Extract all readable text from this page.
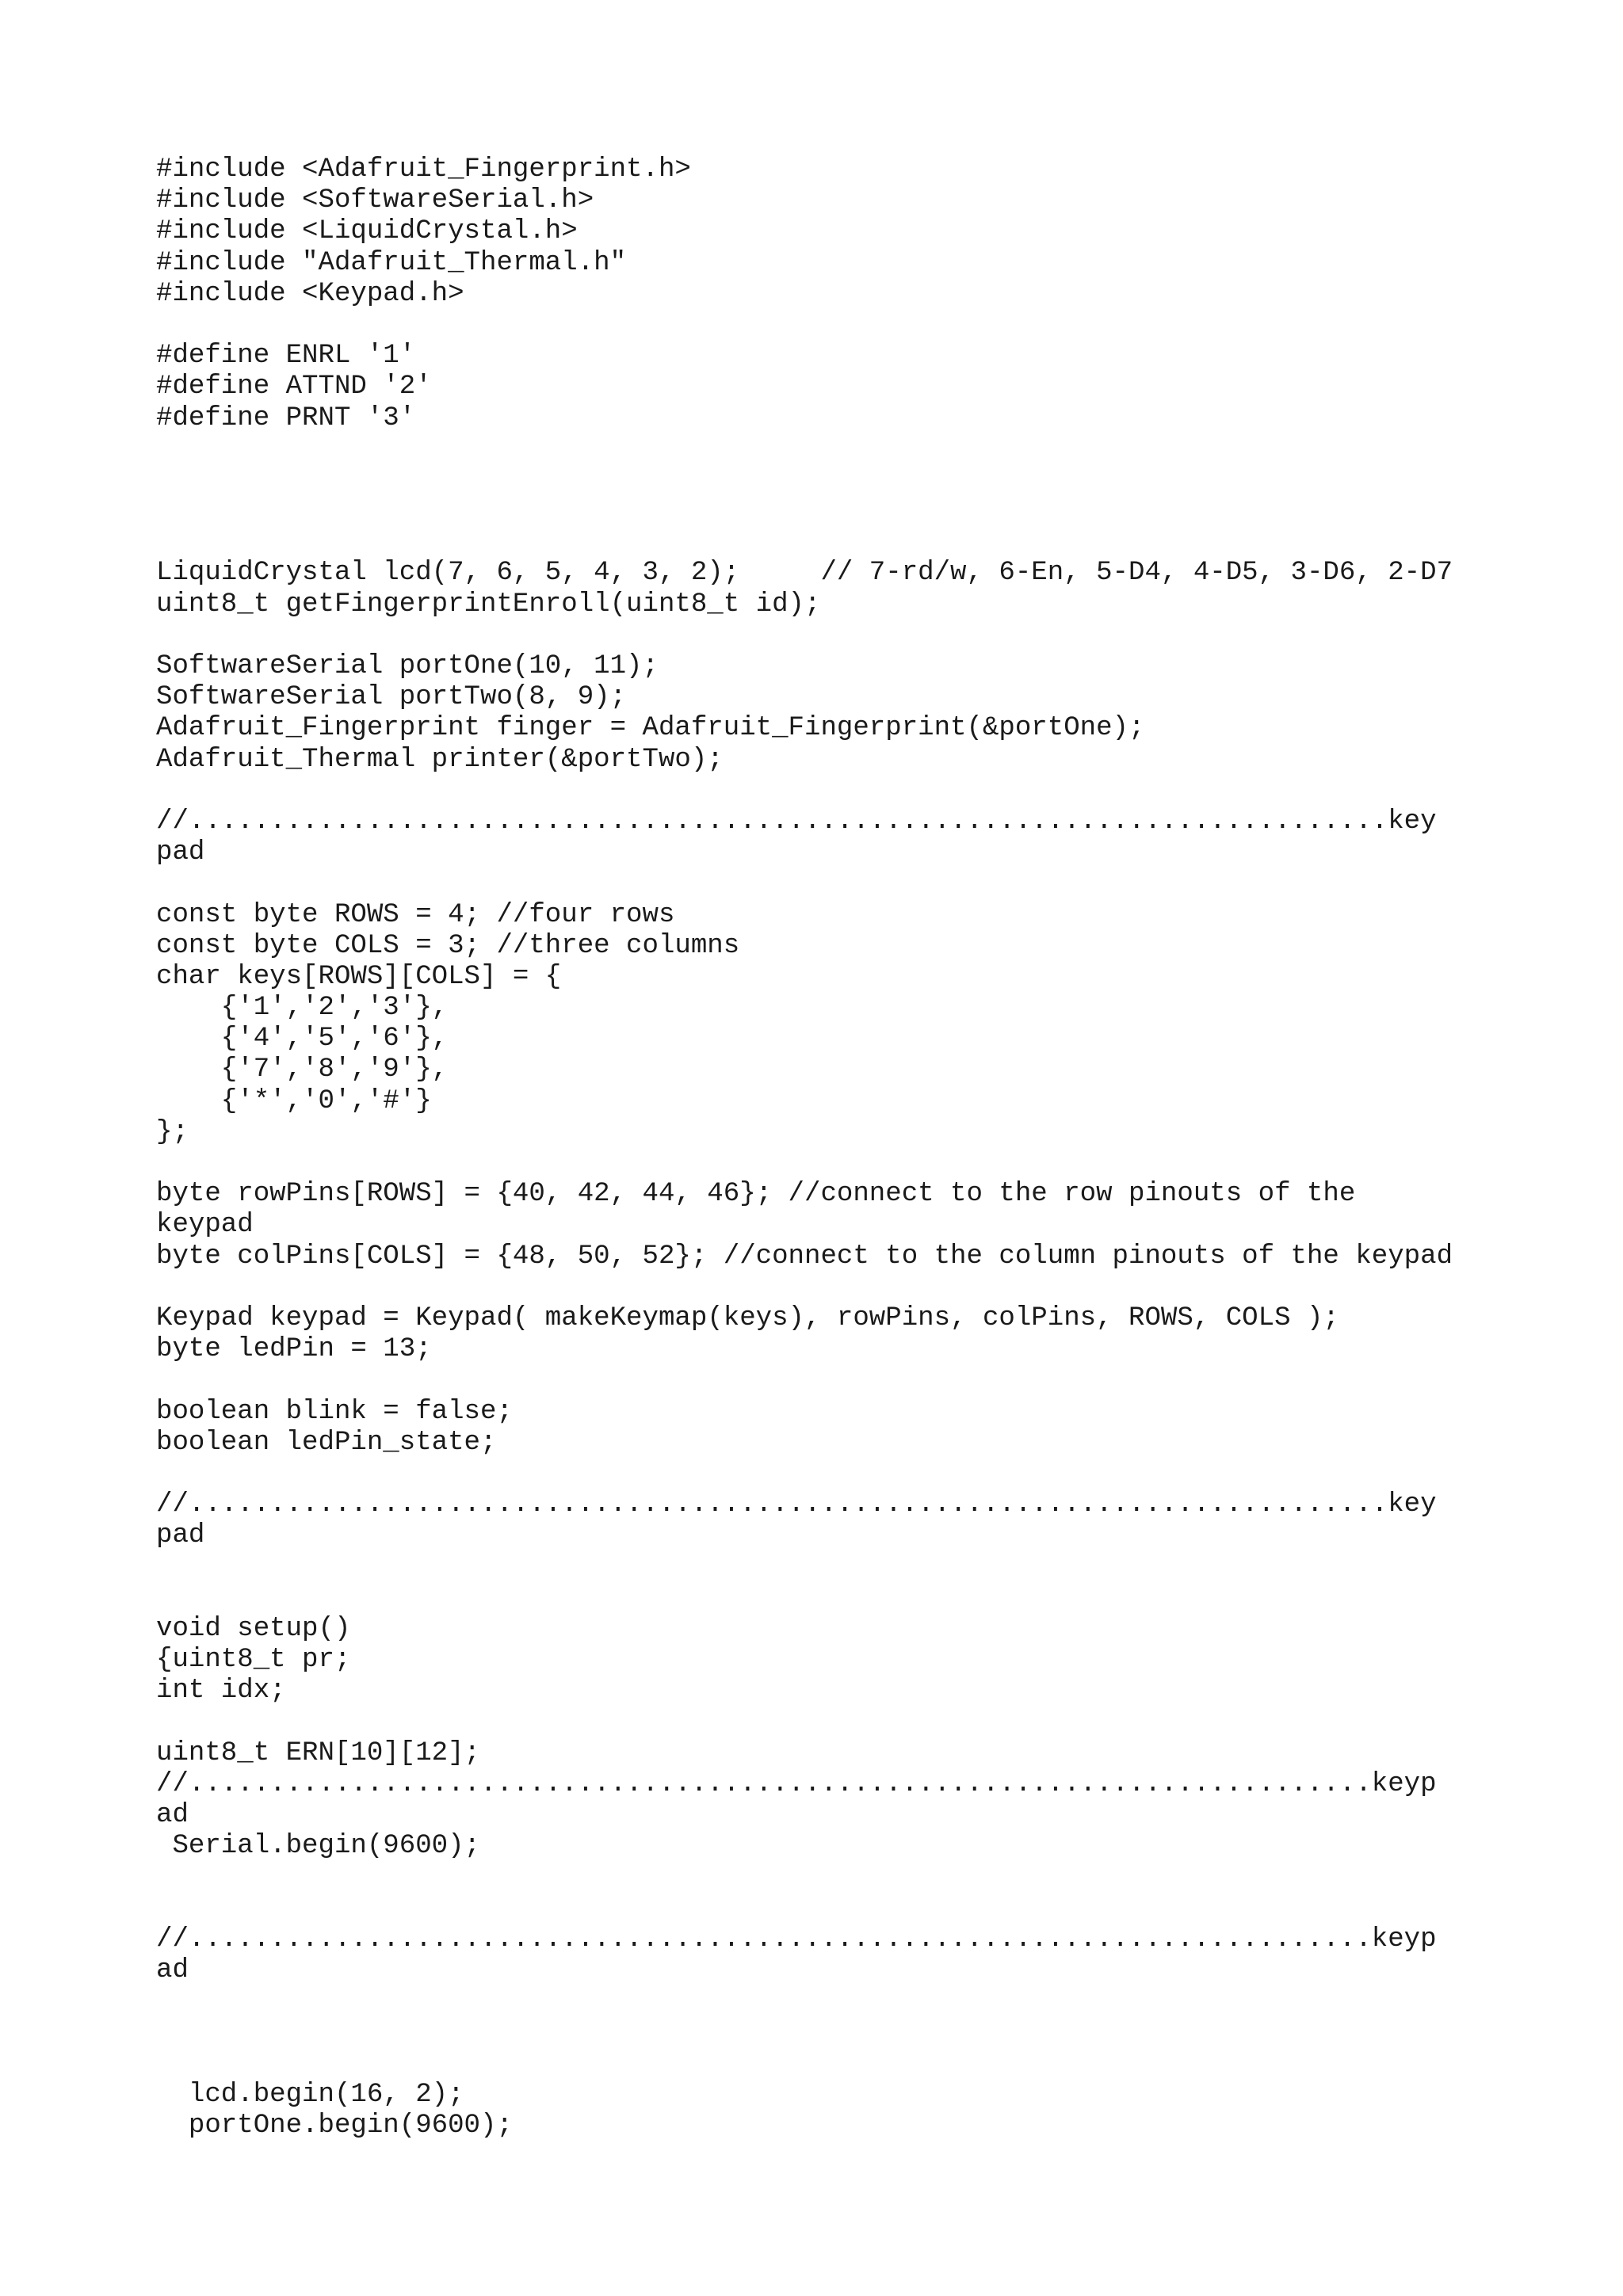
#include <Adafruit_Fingerprint.h>
#include <SoftwareSerial.h>
#include <LiquidCrystal.h>
#include "Adafruit_Thermal.h"
#include <Keypad.h>
#define ENRL '1'
#define ATTND '2'
#define PRNT '3'
LiquidCrystal lcd(7, 6, 5, 4, 3, 2);     // 7-rd/w, 6-En, 5-D4, 4-D5, 3-D6, 2-D7
uint8_t getFingerprintEnroll(uint8_t id);
SoftwareSerial portOne(10, 11);
SoftwareSerial portTwo(8, 9);
Adafruit_Fingerprint finger = Adafruit_Fingerprint(&portOne);
Adafruit_Thermal printer(&portTwo);
//..........................................................................key
pad
const byte ROWS = 4; //four rows
const byte COLS = 3; //three columns
char keys[ROWS][COLS] = {
{'1','2','3'},
{'4','5','6'},
{'7','8','9'},
{'*','0','#'}
};
byte rowPins[ROWS] = {40, 42, 44, 46}; //connect to the row pinouts of the
keypad
byte colPins[COLS] = {48, 50, 52}; //connect to the column pinouts of the keypad
Keypad keypad = Keypad( makeKeymap(keys), rowPins, colPins, ROWS, COLS );
byte ledPin = 13;
boolean blink = false;
boolean ledPin_state;
//..........................................................................key
pad
void setup()
{uint8_t pr;
int idx;
uint8_t ERN[10][12];
//.........................................................................keyp
ad
Serial.begin(9600);
//.........................................................................keyp
ad
lcd.begin(16, 2);
portOne.begin(9600);
